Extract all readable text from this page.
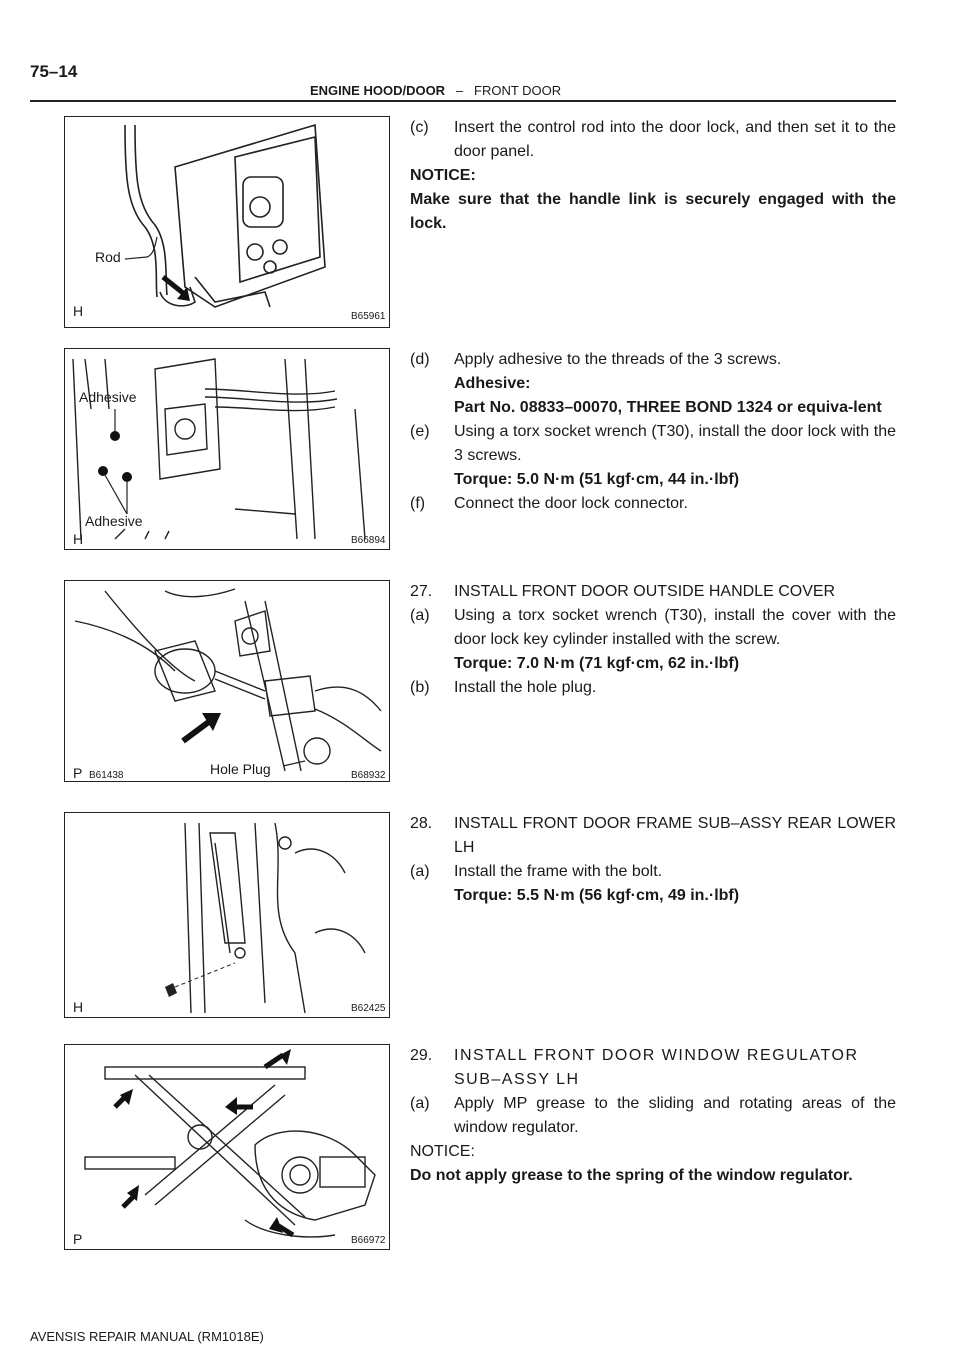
75–14
ENGINE HOOD/DOOR – FRONT DOOR
Rod
H	B65961
Adhesive
Adhesive
H	B66894
Hole Plug
P B61438	B68932
H	B62425
P	B66972
(c) Insert the control rod into the door lock, and then set it to the door panel.
NOTICE:
Make sure that the handle link is securely engaged with the lock.
(d) Apply adhesive to the threads of the 3 screws.
Adhesive:
Part No. 08833–00070, THREE BOND 1324 or equiva-lent
(e) Using a torx socket wrench (T30), install the door lock with the 3 screws.
Torque: 5.0 N·m (51 kgf·cm, 44 in.·lbf)
(f) Connect the door lock connector.
27. INSTALL FRONT DOOR OUTSIDE HANDLE COVER
(a) Using a torx socket wrench (T30), install the cover with the door lock key cylinder installed with the screw.
Torque: 7.0 N·m (71 kgf·cm, 62 in.·lbf)
(b) Install the hole plug.
28. INSTALL FRONT DOOR FRAME SUB–ASSY REAR LOWER LH
(a) Install the frame with the bolt.
Torque: 5.5 N·m (56 kgf·cm, 49 in.·lbf)
29. INSTALL FRONT DOOR WINDOW REGULATOR SUB–ASSY LH
(a) Apply MP grease to the sliding and rotating areas of the window regulator.
NOTICE:
Do not apply grease to the spring of the window regulator.
AVENSIS REPAIR MANUAL (RM1018E)
